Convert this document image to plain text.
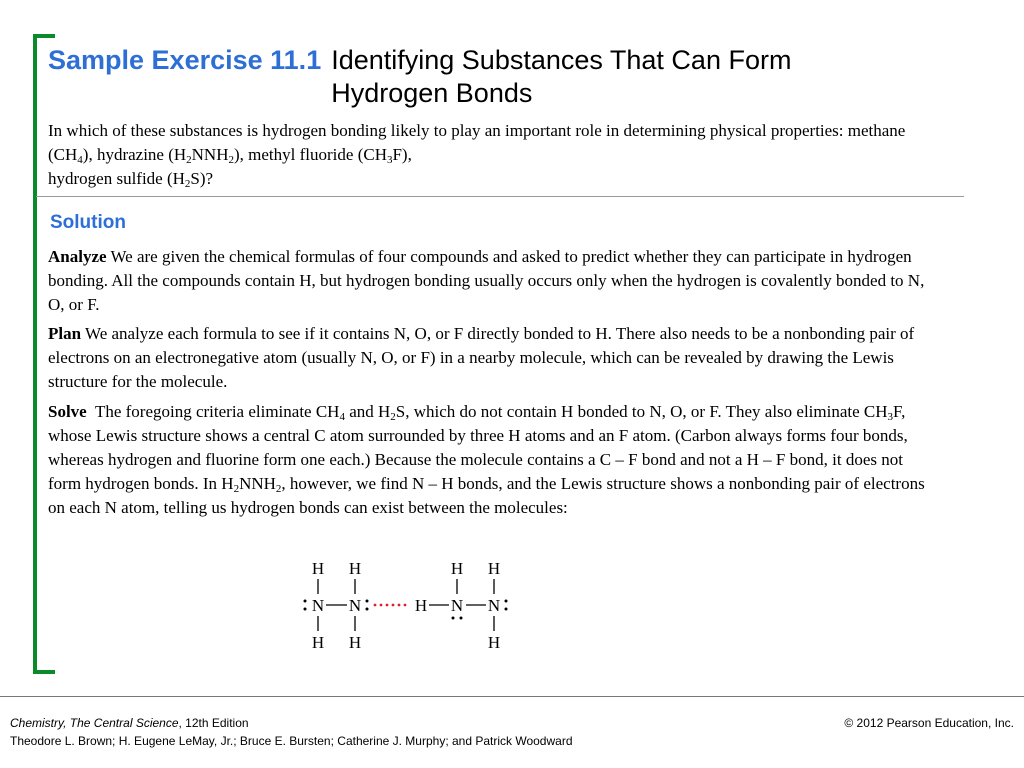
Sample Exercise 11.1 Identifying Substances That Can Form Hydrogen Bonds
In which of these substances is hydrogen bonding likely to play an important role in determining physical properties: methane $(CH_4)$, hydrazine $(H_2NNH_2)$, methyl fluoride $(CH_3F)$,
hydrogen sulfide $(H_2S)$?
Solution
Analyze We are given the chemical formulas of four compounds and asked to predict whether they can participate in hydrogen bonding. All the compounds contain H, but hydrogen bonding usually occurs only when the hydrogen is covalently bonded to N, O, or F.
Plan We analyze each formula to see if it contains N, O, or F directly bonded to H. There also needs to be a nonbonding pair of electrons on an electronegative atom (usually N, O, or F) in a nearby molecule, which can be revealed by drawing the Lewis structure for the molecule.
Solve The foregoing criteria eliminate $CH_4$ and $H_2S$, which do not contain H bonded to N, O, or F. They also eliminate $CH_3F$, whose Lewis structure shows a central C atom surrounded by three H atoms and an F atom. (Carbon always forms four bonds, whereas hydrogen and fluorine form one each.) Because the molecule contains a C – F bond and not a H – F bond, it does not form hydrogen bonds. In $H_2NNH_2$, however, we find N – H bonds, and the Lewis structure shows a nonbonding pair of electrons on each N atom, telling us hydrogen bonds can exist between the molecules:
H H	H H
N N	H N N
H H	H
Chemistry, The Central Science, 12th Edition
Theodore L. Brown; H. Eugene LeMay, Jr.; Bruce E. Bursten; Catherine J. Murphy; and Patrick Woodward
© 2012 Pearson Education, Inc.
